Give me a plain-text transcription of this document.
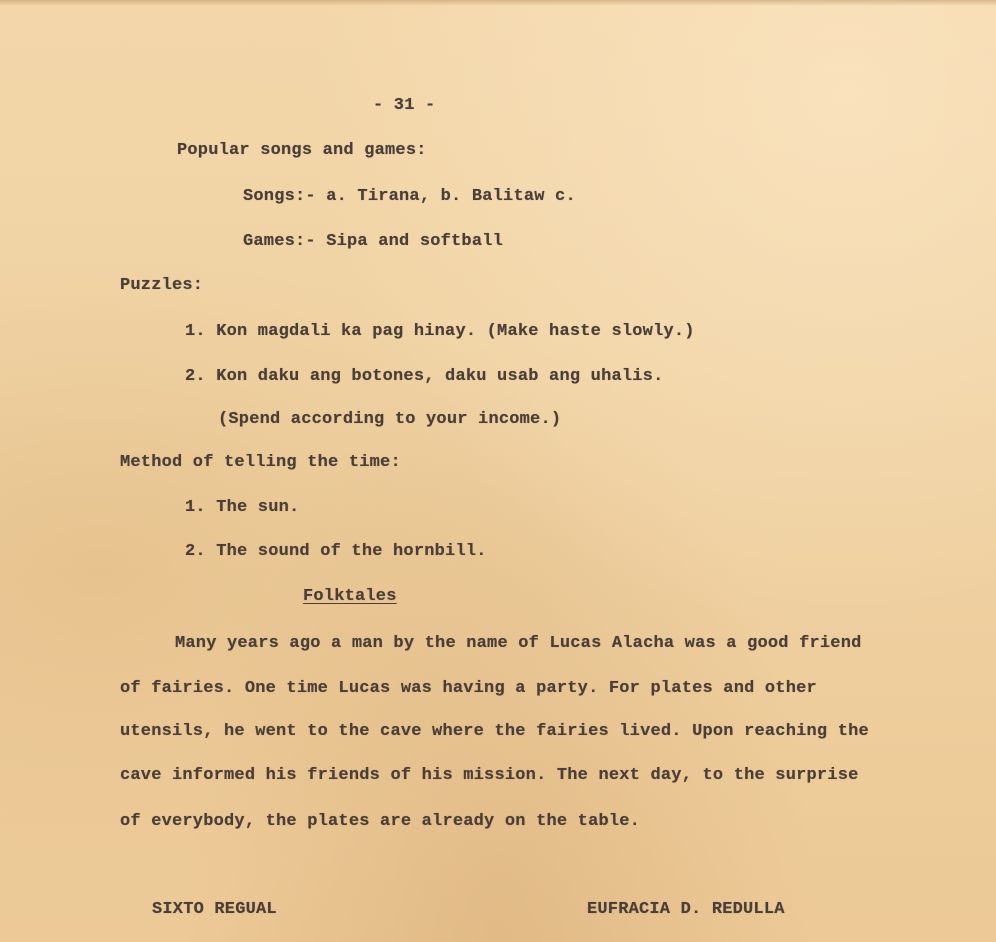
- 31 -
Popular songs and games:
Songs:- a. Tirana, b. Balitaw c.
Games:- Sipa and softball
Puzzles:
1. Kon magdali ka pag hinay. (Make haste slowly.)
2. Kon daku ang botones, daku usab ang uhalis.
(Spend according to your income.)
Method of telling the time:
1. The sun.
2. The sound of the hornbill.
Folktales
Many years ago a man by the name of Lucas Alacha was a good friend
of fairies. One time Lucas was having a party. For plates and other
utensils, he went to the cave where the fairies lived. Upon reaching the
cave informed his friends of his mission. The next day, to the surprise
of everybody, the plates are already on the table.
SIXTO REGUAL	EUFRACIA D. REDULLA
